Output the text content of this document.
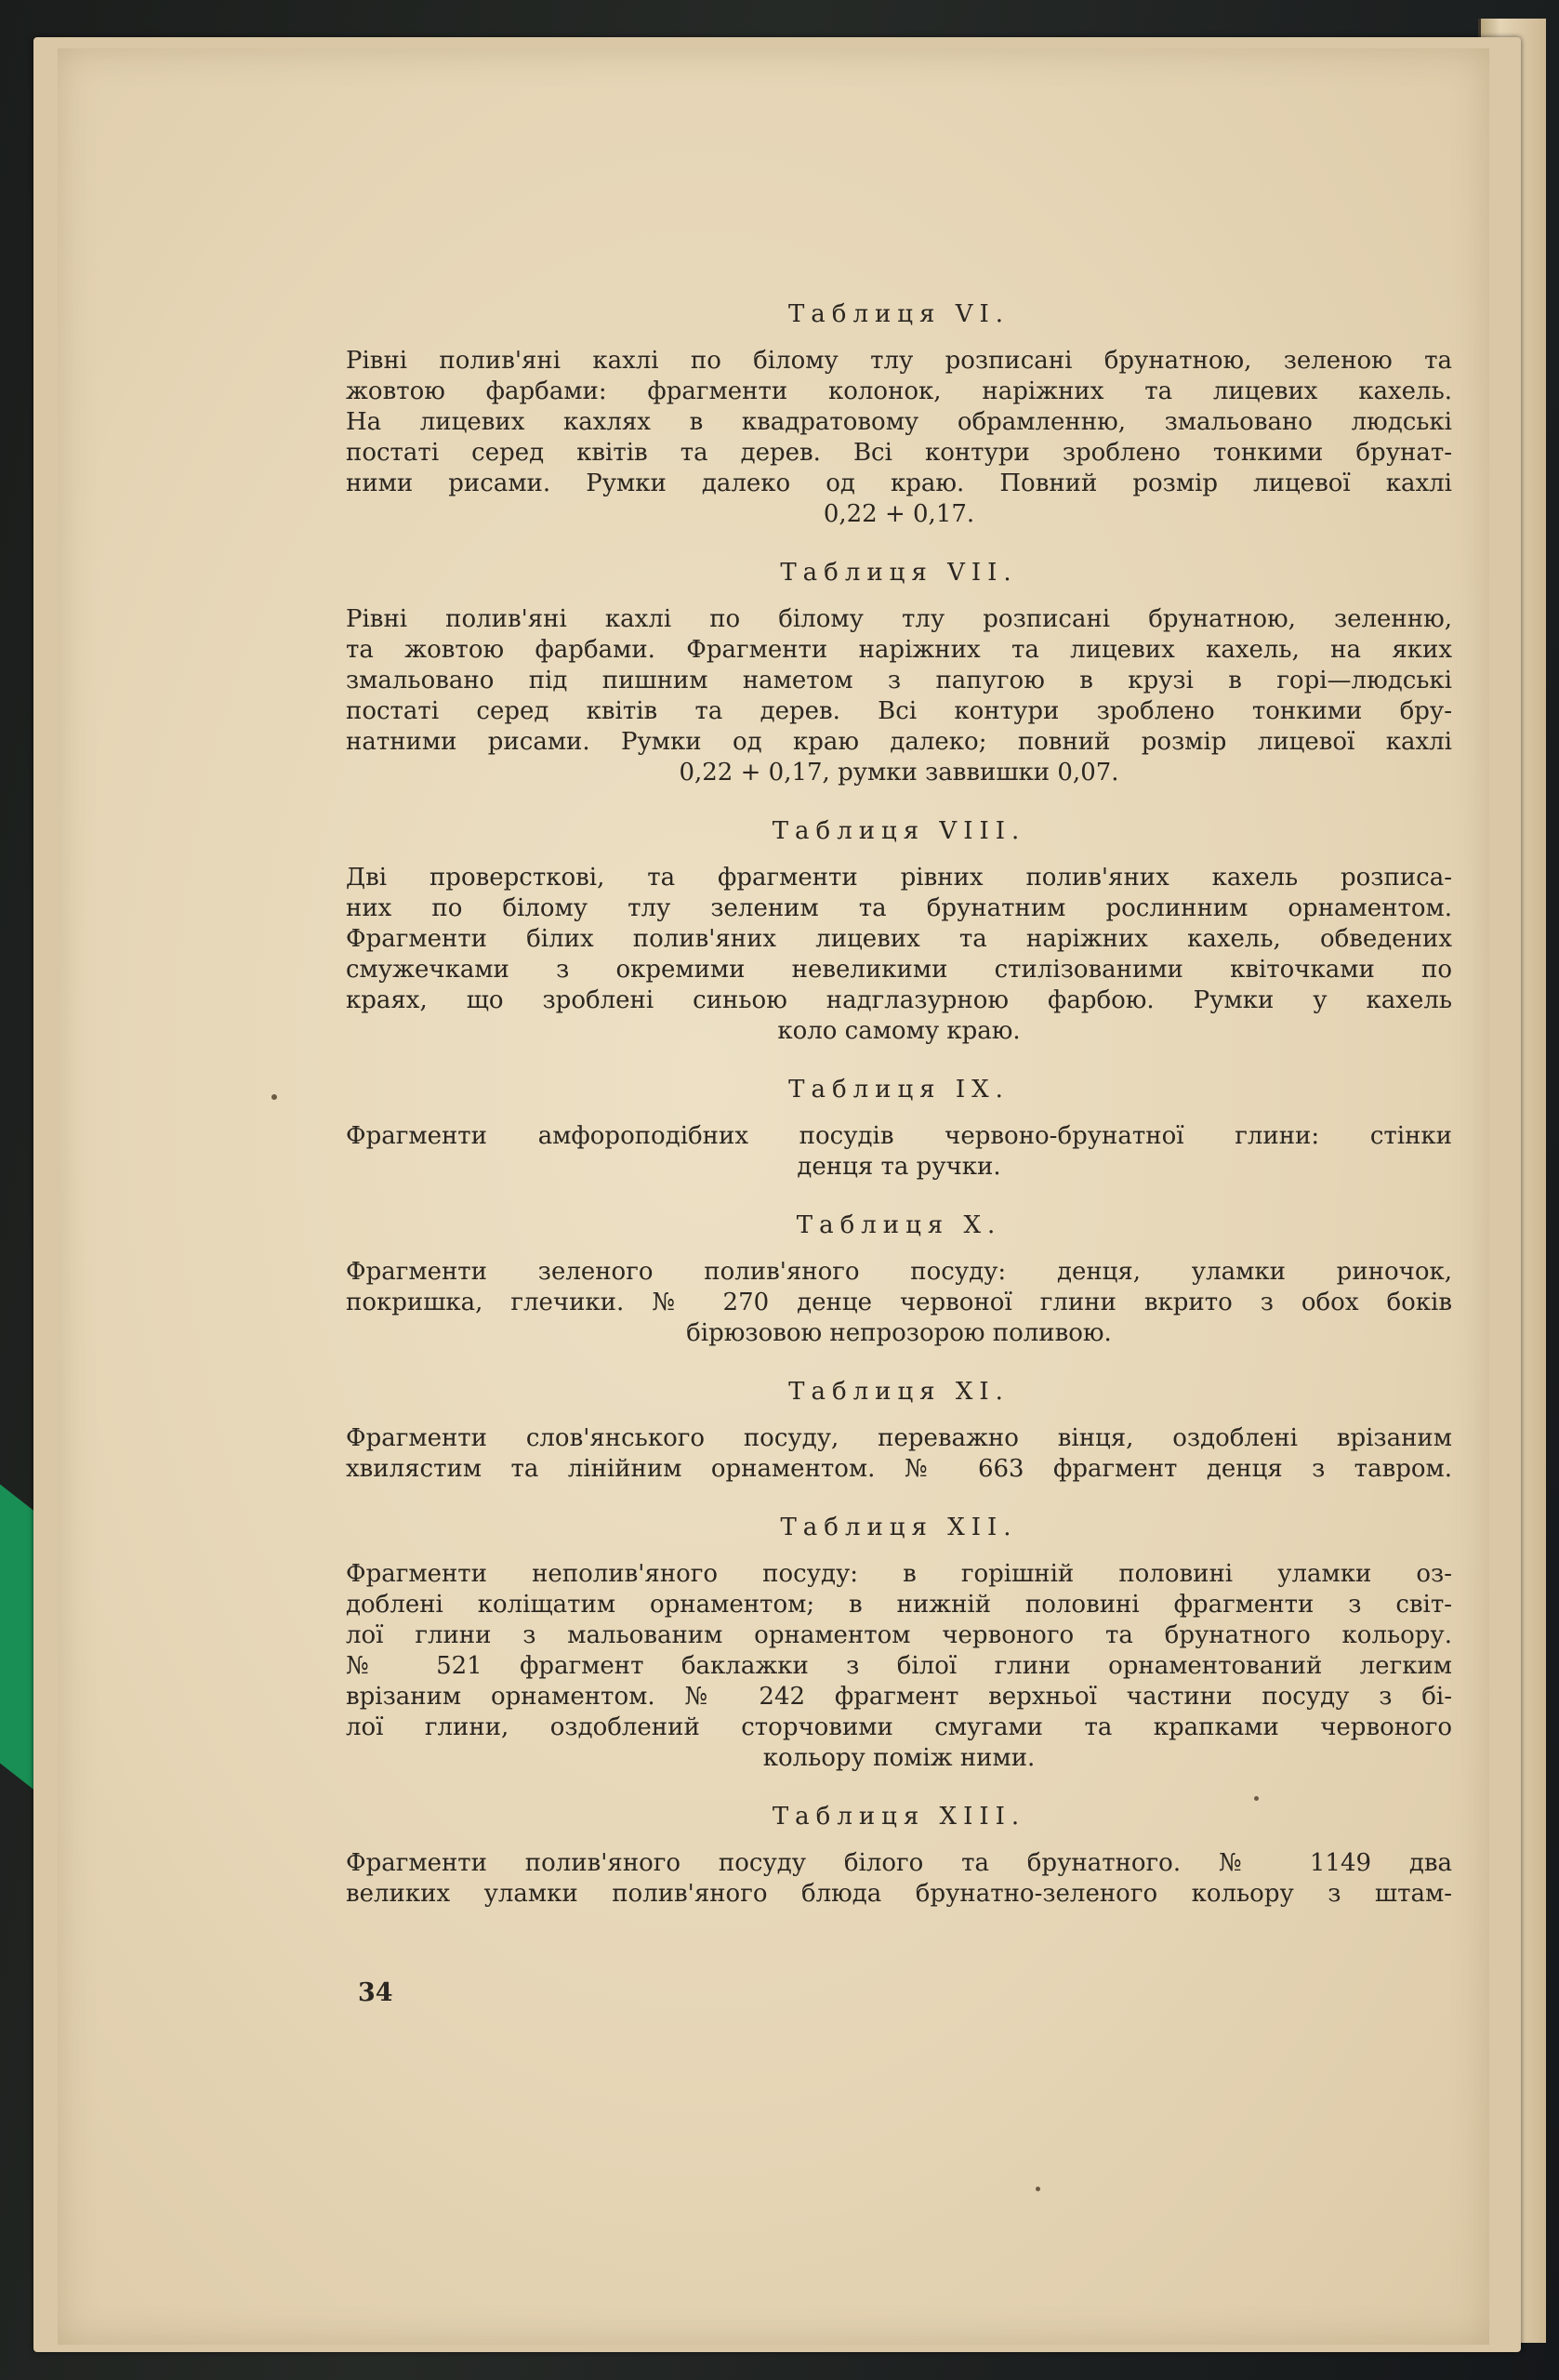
Таблиця VI.
Рівні полив'яні кахлі по білому тлу розписані брунатною, зеленою та
жовтою фарбами: фрагменти колонок, наріжних та лицевих кахель.
На лицевих кахлях в квадратовому обрамленню, змальовано людські
постаті серед квітів та дерев. Всі контури зроблено тонкими брунат-
ними рисами. Румки далеко од краю. Повний розмір лицевої кахлі
0,22 + 0,17.
Таблиця VII.
Рівні полив'яні кахлі по білому тлу розписані брунатною, зеленню,
та жовтою фарбами. Фрагменти наріжних та лицевих кахель, на яких
змальовано під пишним наметом з папугою в крузі в горі—людські
постаті серед квітів та дерев. Всі контури зроблено тонкими бру-
натними рисами. Румки од краю далеко; повний розмір лицевої кахлі
0,22 + 0,17, румки заввишки 0,07.
Таблиця VIII.
Дві проверсткові, та фрагменти рівних полив'яних кахель розписа-
них по білому тлу зеленим та брунатним рослинним орнаментом.
Фрагменти білих полив'яних лицевих та наріжних кахель, обведених
смужечками з окремими невеликими стилізованими квіточками по
краях, що зроблені синьою надглазурною фарбою. Румки у кахель
коло самому краю.
Таблиця IX.
Фрагменти амфороподібних посудів червоно-брунатної глини: стінки
денця та ручки.
Таблиця X.
Фрагменти зеленого полив'яного посуду: денця, уламки риночок,
покришка, глечики. № 270 денце червоної глини вкрито з обох боків
бірюзовою непрозорою поливою.
Таблиця XI.
Фрагменти слов'янського посуду, переважно вінця, оздоблені врізаним
хвилястим та лінійним орнаментом. № 663 фрагмент денця з тавром.
Таблиця XII.
Фрагменти неполив'яного посуду: в горішній половині уламки оз-
доблені коліщатим орнаментом; в нижній половині фрагменти з світ-
лої глини з мальованим орнаментом червоного та брунатного кольору.
№ 521 фрагмент баклажки з білої глини орнаментований легким
врізаним орнаментом. № 242 фрагмент верхньої частини посуду з бі-
лої глини, оздоблений сторчовими смугами та крапками червоного
кольору поміж ними.
Таблиця XIII.
Фрагменти полив'яного посуду білого та брунатного. № 1149 два
великих уламки полив'яного блюда брунатно-зеленого кольору з штам-
34
